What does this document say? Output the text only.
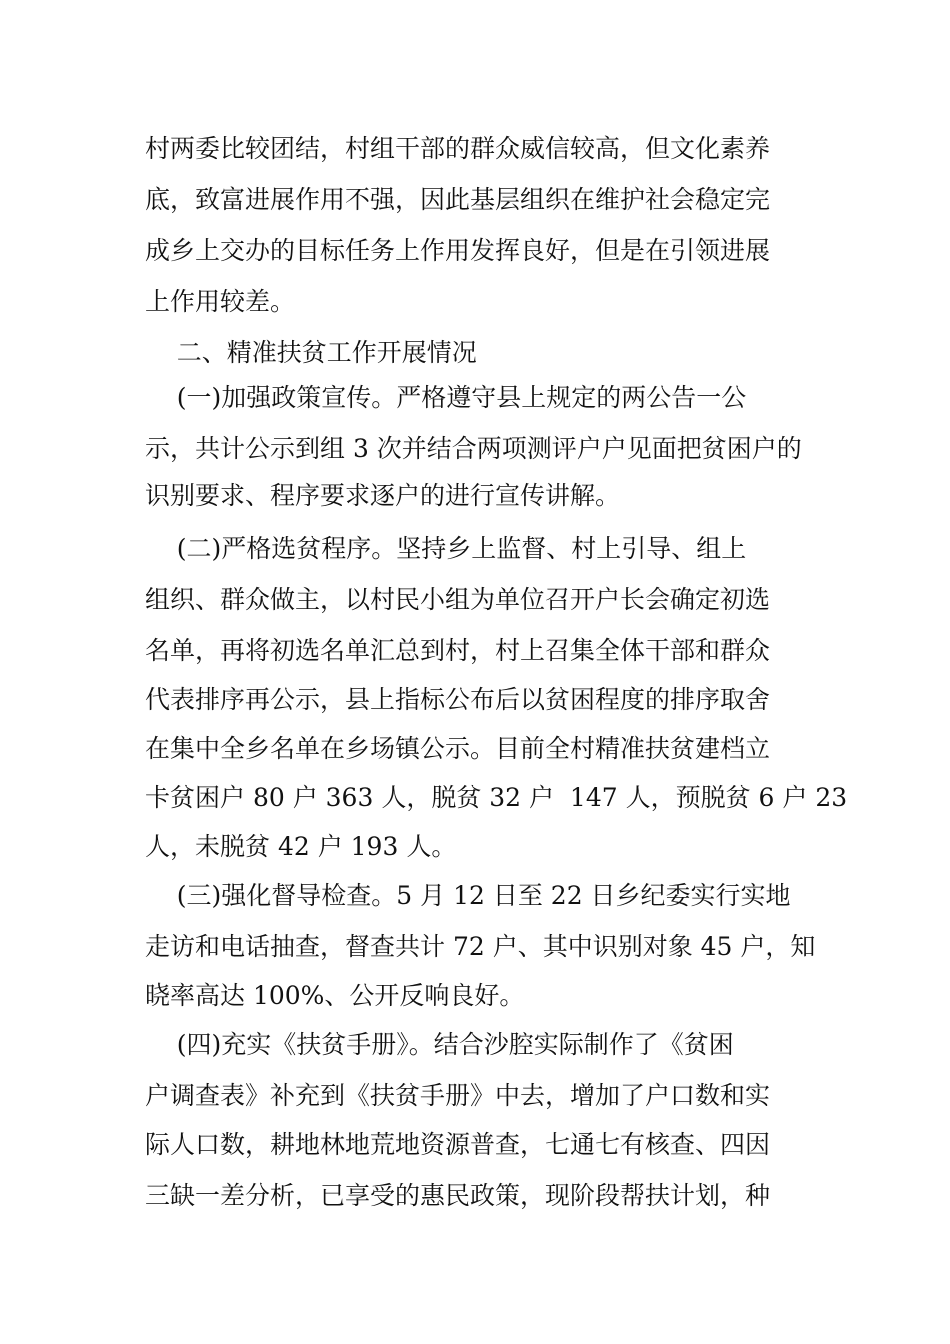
村两委比较团结，村组干部的群众威信较高，但文化素养
底，致富进展作用不强，因此基层组织在维护社会稳定完
成乡上交办的目标任务上作用发挥良好，但是在引领进展
上作用较差。
二、精准扶贫工作开展情况
(一)加强政策宣传。严格遵守县上规定的两公告一公
示，共计公示到组 3 次并结合两项测评户户见面把贫困户的
识别要求、程序要求逐户的进行宣传讲解。
(二)严格选贫程序。坚持乡上监督、村上引导、组上
组织、群众做主，以村民小组为单位召开户长会确定初选
名单，再将初选名单汇总到村，村上召集全体干部和群众
代表排序再公示，县上指标公布后以贫困程度的排序取舍
在集中全乡名单在乡场镇公示。目前全村精准扶贫建档立
卡贫困户 80 户 363 人，脱贫 32 户  147 人，预脱贫 6 户 23
人，未脱贫 42 户 193 人。
(三)强化督导检查。5 月 12 日至 22 日乡纪委实行实地
走访和电话抽查，督查共计 72 户、其中识别对象 45 户，知
晓率高达 100%、公开反响良好。
(四)充实《扶贫手册》。结合沙腔实际制作了《贫困
户调查表》补充到《扶贫手册》中去，增加了户口数和实
际人口数，耕地林地荒地资源普查，七通七有核查、四因
三缺一差分析，已享受的惠民政策，现阶段帮扶计划，种
